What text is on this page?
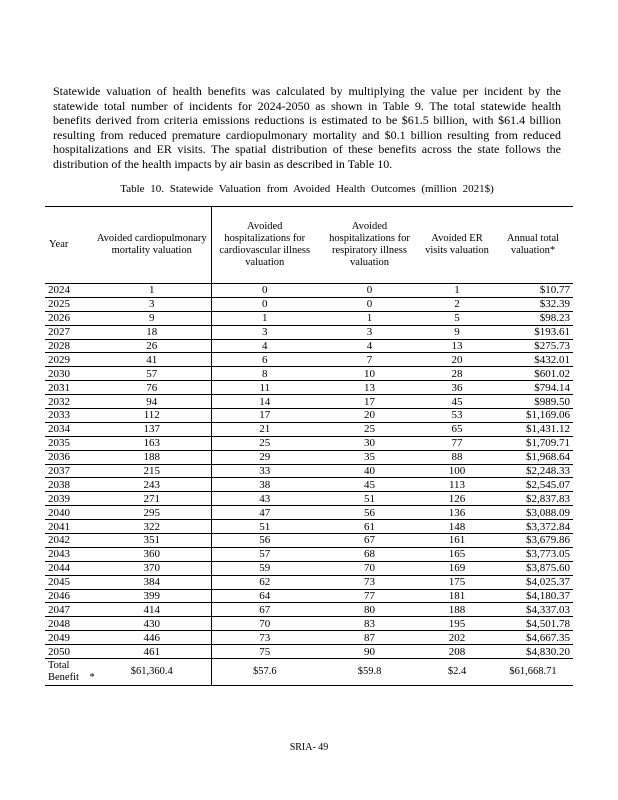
Statewide valuation of health benefits was calculated by multiplying the value per incident by the statewide total number of incidents for 2024-2050 as shown in Table 9. The total statewide health benefits derived from criteria emissions reductions is estimated to be $61.5 billion, with $61.4 billion resulting from reduced premature cardiopulmonary mortality and $0.1 billion resulting from reduced hospitalizations and ER visits. The spatial distribution of these benefits across the state follows the distribution of the health impacts by air basin as described in Table 10.

Table 10. Statewide Valuation from Avoided Health Outcomes (million 2021$)
Year	Avoided cardiopulmonary mortality valuation	Avoided hospitalizations for cardiovascular illness valuation	Avoided hospitalizations for respiratory illness valuation	Avoided ER visits valuation	Annual total valuation*
2024	1	0	0	1	$10.77
2025	3	0	0	2	$32.39
2026	9	1	1	5	$98.23
2027	18	3	3	9	$193.61
2028	26	4	4	13	$275.73
2029	41	6	7	20	$432.01
2030	57	8	10	28	$601.02
2031	76	11	13	36	$794.14
2032	94	14	17	45	$989.50
2033	112	17	20	53	$1,169.06
2034	137	21	25	65	$1,431.12
2035	163	25	30	77	$1,709.71
2036	188	29	35	88	$1,968.64
2037	215	33	40	100	$2,248.33
2038	243	38	45	113	$2,545.07
2039	271	43	51	126	$2,837.83
2040	295	47	56	136	$3,088.09
2041	322	51	61	148	$3,372.84
2042	351	56	67	161	$3,679.86
2043	360	57	68	165	$3,773.05
2044	370	59	70	169	$3,875.60
2045	384	62	73	175	$4,025.37
2046	399	64	77	181	$4,180.37
2047	414	67	80	188	$4,337.03
2048	430	70	83	195	$4,501.78
2049	446	73	87	202	$4,667.35
2050	461	75	90	208	$4,830.20
Total
Benefit *	$61,360.4	$57.6	$59.8	$2.4	$61,668.71
SRIA- 49
